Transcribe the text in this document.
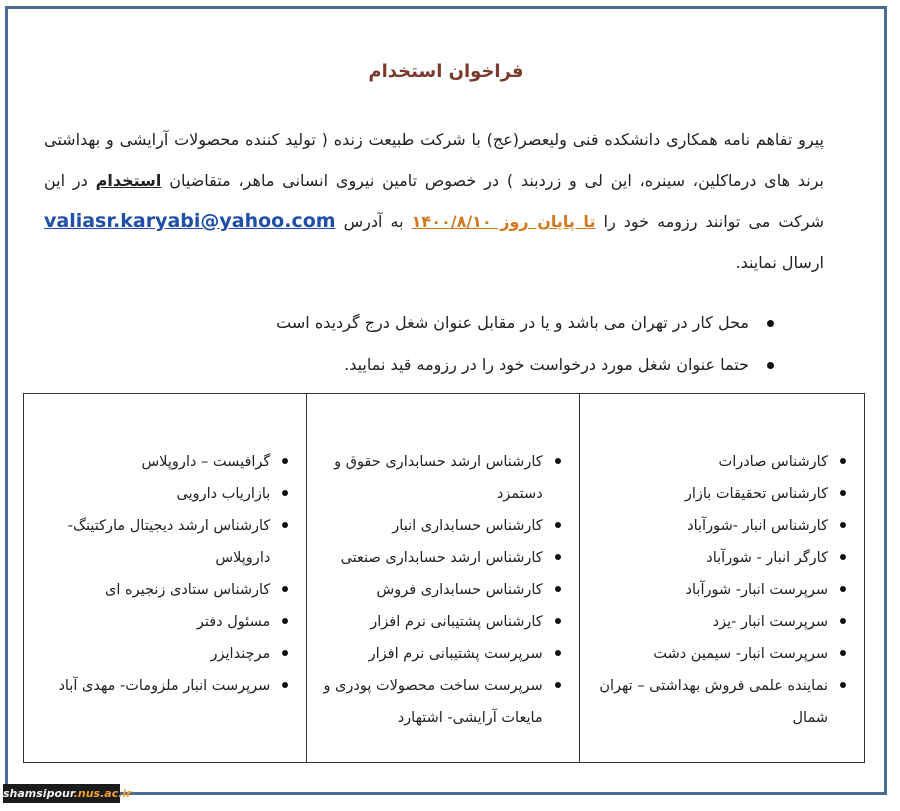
فراخوان استخدام
پیرو تفاهم نامه همکاری دانشکده فنی ولیعصر(عج) با شرکت طبیعت زنده ( تولید کننده محصولات آرایشی و بهداشتی برند های درماکلین، سینره، این لی و زردبند ) در خصوص تامین نیروی انسانی ماهر، متقاضیان استخدام در این شرکت می توانند رزومه خود را تا پایان روز ۱۴۰۰/۸/۱۰ به آدرس valiasr.karyabi@yahoo.com ارسال نمایند.
محل کار در تهران می باشد و یا در مقابل عنوان شغل درج گردیده است
حتما عنوان شغل مورد درخواست خود را در رزومه قید نمایید.
کارشناس صادرات
کارشناس تحقیقات بازار
کارشناس انبار -شورآباد
کارگر انبار - شورآباد
سرپرست انبار- شورآباد
سرپرست انبار -یزد
سرپرست انبار- سیمین دشت
نماینده علمی فروش بهداشتی – تهران شمال
کارشناس ارشد حسابداری حقوق و دستمزد
کارشناس حسابداری انبار
کارشناس ارشد حسابداری صنعتی
کارشناس حسابداری فروش
کارشناس پشتیبانی نرم افزار
سرپرست پشتیبانی نرم افزار
سرپرست ساخت محصولات پودری و مایعات آرایشی- اشتهارد
گرافیست – داروپلاس
بازاریاب دارویی
کارشناس ارشد دیجیتال مارکتینگ- داروپلاس
کارشناس ستادی زنجیره ای
مسئول دفتر
مرچندایزر
سرپرست انبار ملزومات- مهدی آباد
shamsipour.nus.ac.ir
